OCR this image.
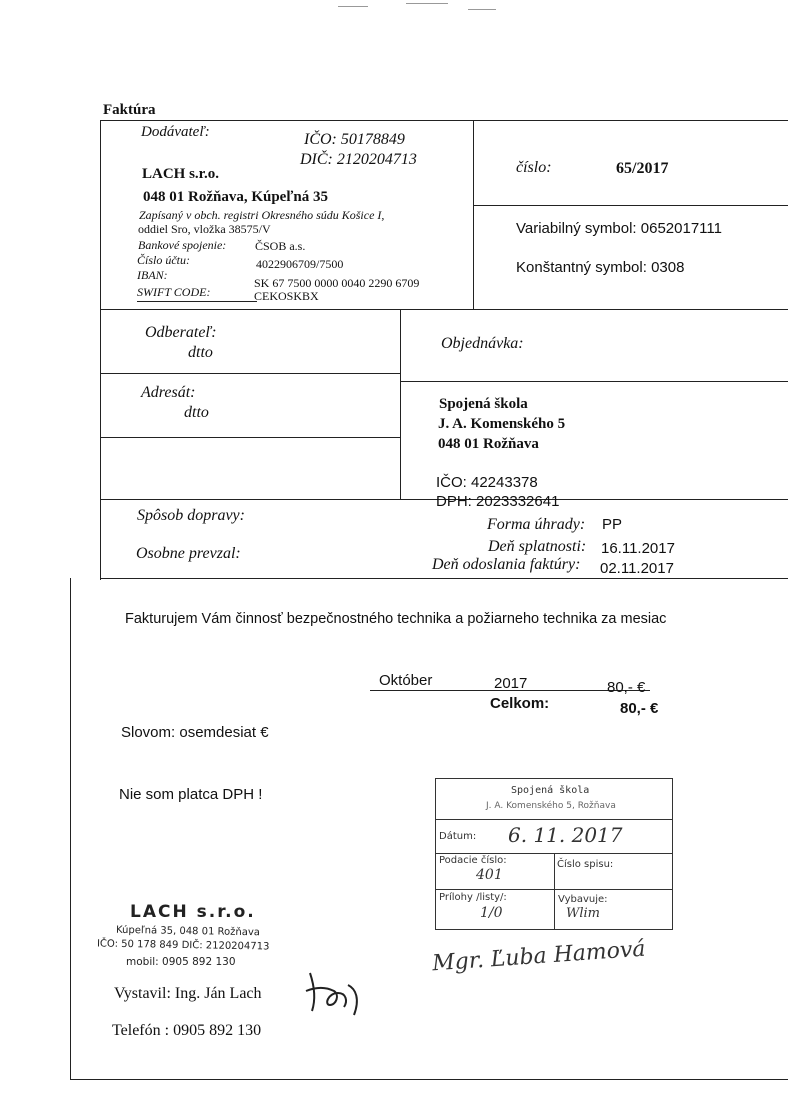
Faktúra
Dodávateľ:	IČO: 50178849
DIČ: 2120204713
LACH s.r.o.
048 01 Rožňava, Kúpeľná 35
Zapísaný v obch. registri Okresného súdu Košice I,
oddiel Sro, vložka 38575/V
Bankové spojenie: ČSOB a.s.
Číslo účtu:	4022906709/7500
IBAN:
SK 67 7500 0000 0040 2290 6709
SWIFT CODE:	CEKOSKBX
číslo:	65/2017
Variabilný symbol: 0652017111
Konštantný symbol: 0308
Odberateľ:
dtto
Objednávka:
Adresát:
dtto	Spojená škola
J. A. Komenského 5
048 01 Rožňava
IČO: 42243378
DPH: 2023332641
Spôsob dopravy:
Osobne prevzal:
Forma úhrady: PP
Deň splatnosti: 16.11.2017
Deň odoslania faktúry: 02.11.2017
Fakturujem Vám činnosť bezpečnostného technika a požiarneho technika za mesiac
Október	2017	80,- €
Celkom:	80,- €
Slovom: osemdesiat €
Nie som platca DPH !	Spojená škola
J. A. Komenského 5, Rožňava
Dátum: 6. 11. 2017
Podacie číslo:
401
Číslo spisu:
Prílohy /listy/:
1/0
Vybavuje:
Wlim
Mgr. Ľuba Hamová
LACH s.r.o.
Kúpeľná 35, 048 01 Rožňava
IČO: 50 178 849 DIČ: 2120204713
mobil: 0905 892 130
Vystavil: Ing. Ján Lach
Telefón : 0905 892 130
